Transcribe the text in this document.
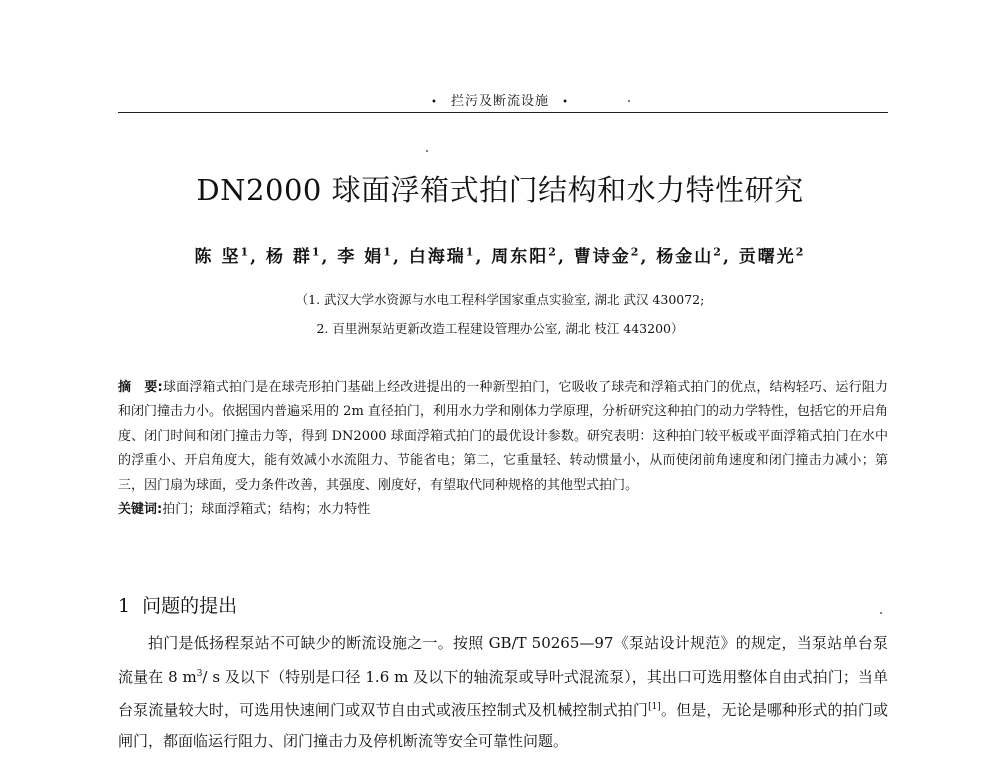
• 拦污及断流设施 •
DN2000 球面浮箱式拍门结构和水力特性研究
陈 坚$^1$, 杨 群$^1$, 李 娟$^1$, 白海瑞$^1$, 周东阳$^2$, 曹诗金$^2$, 杨金山$^2$, 贡曙光$^2$
（1. 武汉大学水资源与水电工程科学国家重点实验室, 湖北 武汉 430072;
2. 百里洲泵站更新改造工程建设管理办公室, 湖北 枝江 443200）
摘　要:球面浮箱式拍门是在球壳形拍门基础上经改进提出的一种新型拍门，它吸收了球壳和浮箱式拍门的优点，结构轻巧、运行阻力和闭门撞击力小。依据国内普遍采用的 2m 直径拍门，利用水力学和刚体力学原理，分析研究这种拍门的动力学特性，包括它的开启角度、闭门时间和闭门撞击力等，得到 DN2000 球面浮箱式拍门的最优设计参数。研究表明：这种拍门较平板或平面浮箱式拍门在水中的浮重小、开启角度大，能有效减小水流阻力、节能省电；第二，它重量轻、转动惯量小，从而使闭前角速度和闭门撞击力减小；第三，因门扇为球面，受力条件改善，其强度、刚度好，有望取代同种规格的其他型式拍门。
关键词:拍门；球面浮箱式；结构；水力特性
1 问题的提出

拍门是低扬程泵站不可缺少的断流设施之一。按照 GB/T 50265—97《泵站设计规范》的规定，当泵站单台泵流量在 8 $m^3/$ s 及以下（特别是口径 1.6 m 及以下的轴流泵或导叶式混流泵），其出口可选用整体自由式拍门；当单台泵流量较大时，可选用快速闸门或双节自由式或液压控制式及机械控制式拍门[1]。但是，无论是哪种形式的拍门或闸门，都面临运行阻力、闭门撞击力及停机断流等安全可靠性问题。
